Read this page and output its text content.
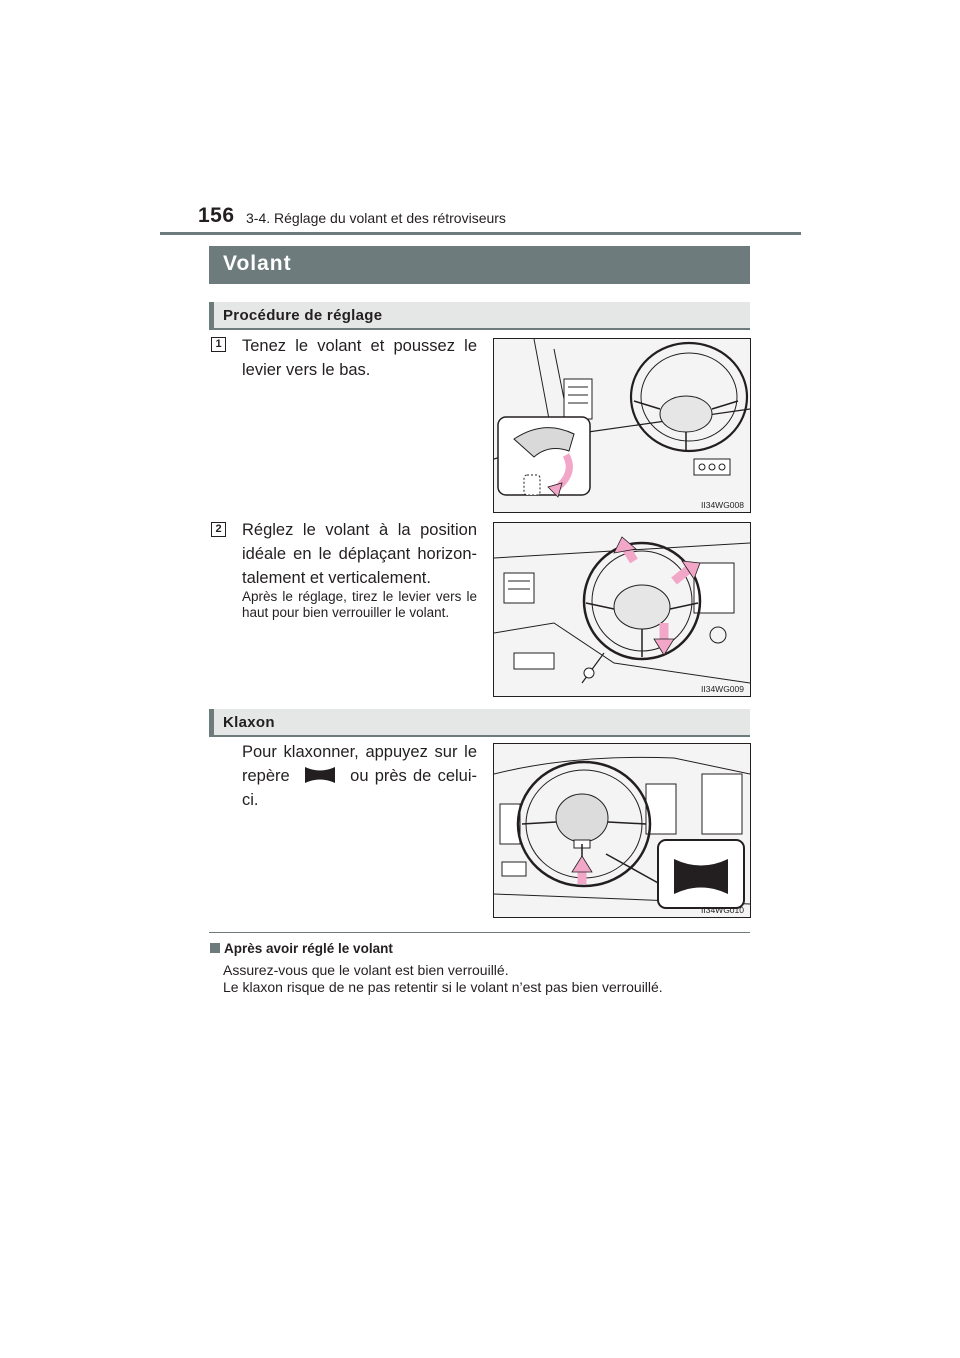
156 3-4. Réglage du volant et des rétroviseurs
Volant
Procédure de réglage
1 Tenez le volant et poussez le levier vers le bas.
II34WG008
2 Réglez le volant à la position idéale en le déplaçant horizon-talement et verticalement.
Après le réglage, tirez le levier vers le haut pour bien verrouiller le volant.
II34WG009
Klaxon
Pour klaxonner, appuyez sur le repère	ou près de celui-ci.
II34WG010
Après avoir réglé le volant
Assurez-vous que le volant est bien verrouillé.
Le klaxon risque de ne pas retentir si le volant n’est pas bien verrouillé.
